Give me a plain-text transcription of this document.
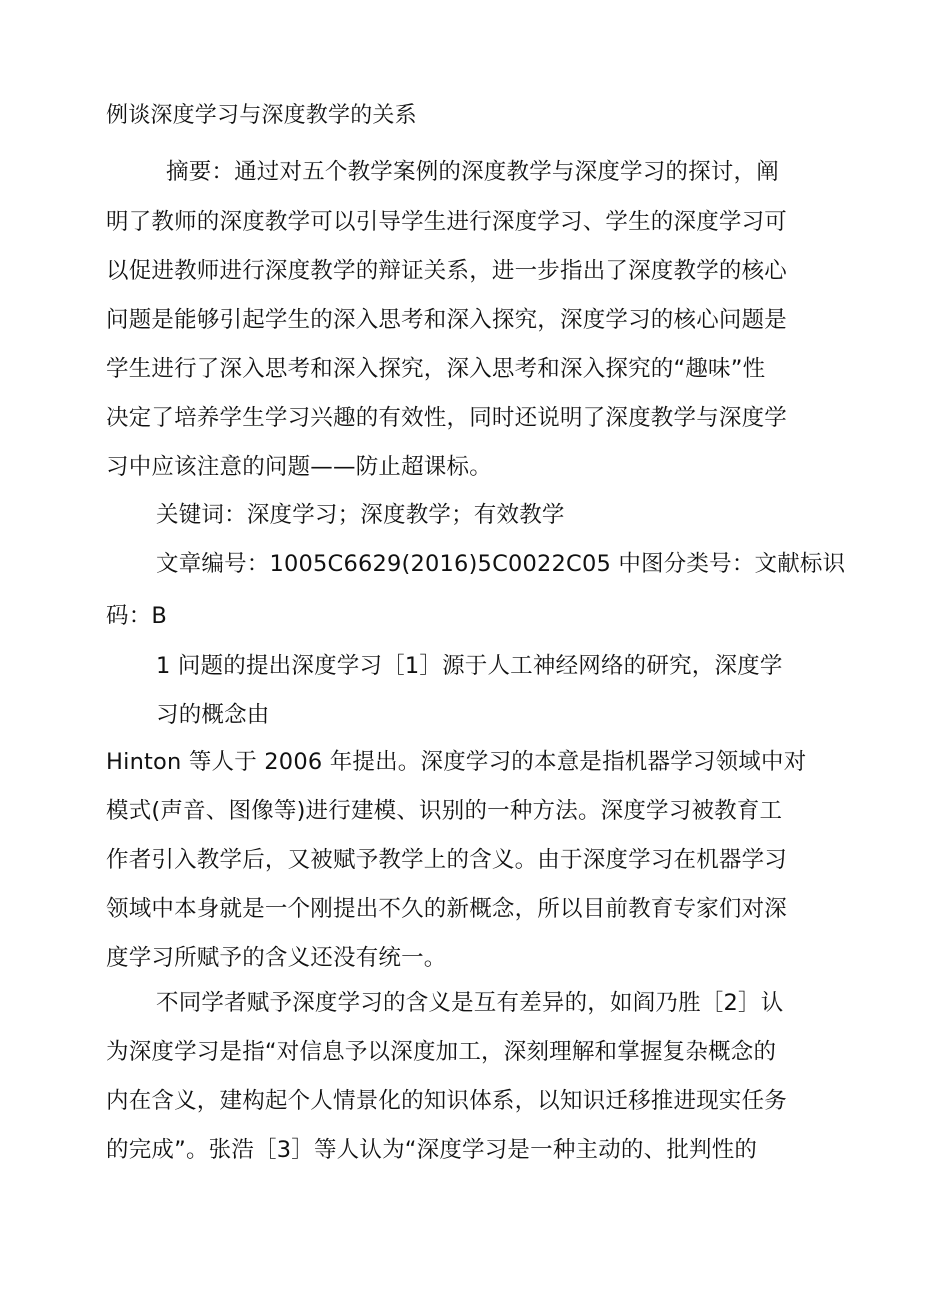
例谈深度学习与深度教学的关系
摘要：通过对五个教学案例的深度教学与深度学习的探讨，阐
明了教师的深度教学可以引导学生进行深度学习、学生的深度学习可
以促进教师进行深度教学的辩证关系，进一步指出了深度教学的核心
问题是能够引起学生的深入思考和深入探究，深度学习的核心问题是
学生进行了深入思考和深入探究，深入思考和深入探究的“趣味”性
决定了培养学生学习兴趣的有效性，同时还说明了深度教学与深度学
习中应该注意的问题——防止超课标。
关键词：深度学习；深度教学；有效教学
文章编号：1005C6629(2016)5C0022C05 中图分类号：文献标识
码：B
1 问题的提出深度学习［1］源于人工神经网络的研究，深度学
习的概念由
Hinton 等人于 2006 年提出。深度学习的本意是指机器学习领域中对
模式(声音、图像等)进行建模、识别的一种方法。深度学习被教育工
作者引入教学后，又被赋予教学上的含义。由于深度学习在机器学习
领域中本身就是一个刚提出不久的新概念，所以目前教育专家们对深
度学习所赋予的含义还没有统一。
不同学者赋予深度学习的含义是互有差异的，如阎乃胜［2］认
为深度学习是指“对信息予以深度加工，深刻理解和掌握复杂概念的
内在含义，建构起个人情景化的知识体系，以知识迁移推进现实任务
的完成”。张浩［3］等人认为“深度学习是一种主动的、批判性的
